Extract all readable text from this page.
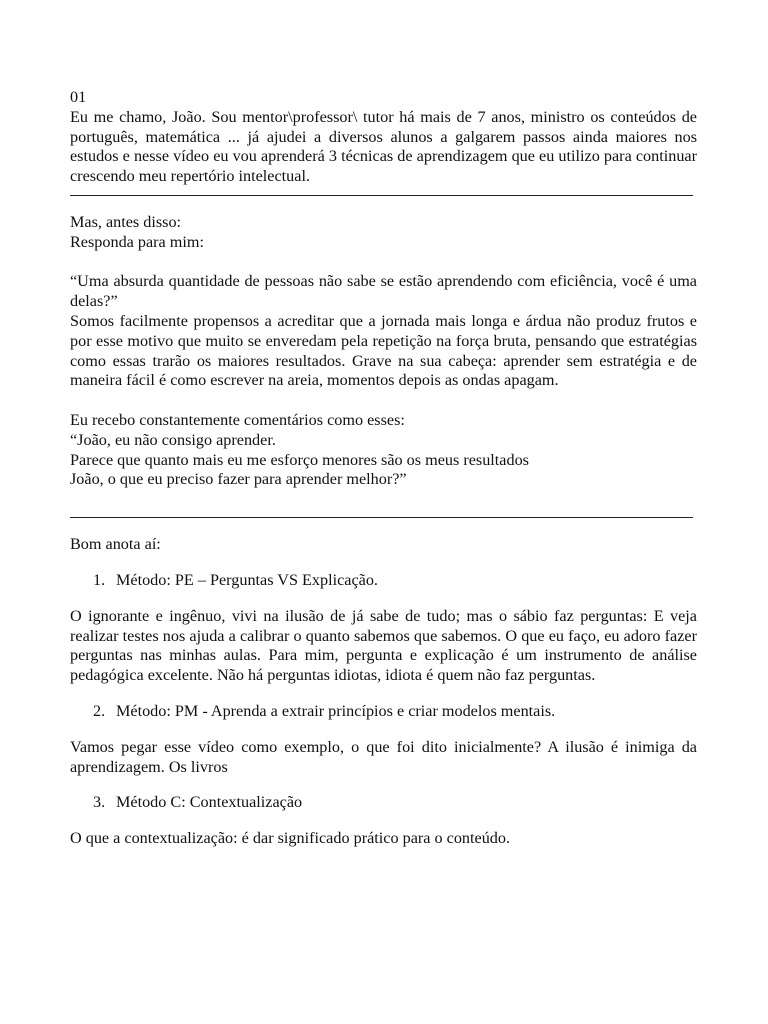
01

Eu me chamo, João. Sou mentor\professor\ tutor há mais de 7 anos, ministro os conteúdos de português, matemática ... já ajudei a diversos alunos a galgarem passos ainda maiores nos estudos e nesse vídeo eu vou aprenderá 3 técnicas de aprendizagem que eu utilizo para continuar crescendo meu repertório intelectual.

Mas, antes disso:

Responda para mim:

“Uma absurda quantidade de pessoas não sabe se estão aprendendo com eficiência, você é uma delas?”

Somos facilmente propensos a acreditar que a jornada mais longa e árdua não produz frutos e por esse motivo que muito se enveredam pela repetição na força bruta, pensando que estratégias como essas trarão os maiores resultados. Grave na sua cabeça: aprender sem estratégia e de maneira fácil é como escrever na areia, momentos depois as ondas apagam.

Eu recebo constantemente comentários como esses:

“João, eu não consigo aprender.

Parece que quanto mais eu me esforço menores são os meus resultados

João, o que eu preciso fazer para aprender melhor?”

Bom anota aí:

1. Método: PE – Perguntas VS Explicação.

O ignorante e ingênuo, vivi na ilusão de já sabe de tudo; mas o sábio faz perguntas: E veja realizar testes nos ajuda a calibrar o quanto sabemos que sabemos. O que eu faço, eu adoro fazer perguntas nas minhas aulas. Para mim, pergunta e explicação é um instrumento de análise pedagógica excelente. Não há perguntas idiotas, idiota é quem não faz perguntas.

2. Método: PM - Aprenda a extrair princípios e criar modelos mentais.

Vamos pegar esse vídeo como exemplo, o que foi dito inicialmente? A ilusão é inimiga da aprendizagem. Os livros

3. Método C: Contextualização

O que a contextualização: é dar significado prático para o conteúdo.
